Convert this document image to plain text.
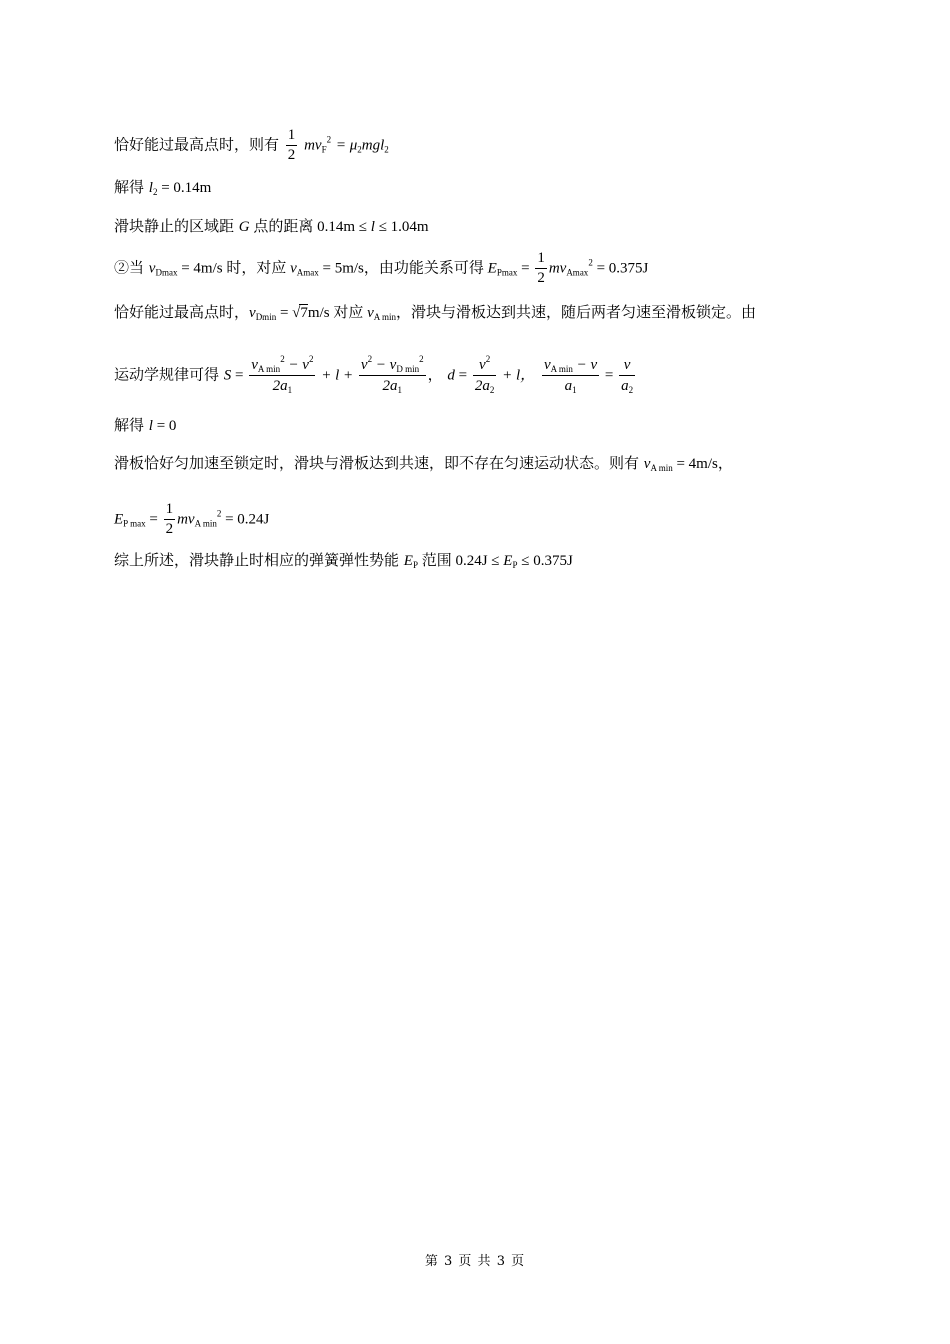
恰好能过最高点时，则有 $\frac{1}{2} mv_F^2 = \mu_2mgl_2$
解得 $l_2 = 0.14m$
滑块静止的区域距 G 点的距离 0.14m ≤ l ≤ 1.04m
②当 $v_{Dmax} = 4m/s$ 时，对应 $v_{Amax} = 5m/s$，由功能关系可得 $E_{Pmax} = \frac{1}{2} mv_{Amax}^2 = 0.375J$
恰好能过最高点时，$v_{Dmin} = √7m/s$ 对应 $v_{A min}$，滑块与滑板达到共速，随后两者匀速至滑板锁定。由
运动学规律可得 $S = \frac{v_{A min}^2 - v^2}{2a_1} + l + \frac{v^2 - v_{D min}^2}{2a_1}$ ， $d = \frac{v^2}{2a_2} + l$， $\frac{v_{A min} - v}{a_1} = \frac{v}{a_2}$
解得 l = 0
滑板恰好匀加速至锁定时，滑块与滑板达到共速，即不存在匀速运动状态。则有 $v_{A min} = 4m/s$，
$E_{P max} = \frac{1}{2} mv_{A min}^2 = 0.24J$
综上所述，滑块静止时相应的弹簧弹性势能 $E_P$ 范围 $0.24J \le E_P \le 0.375J$
第 3 页 共 3 页
